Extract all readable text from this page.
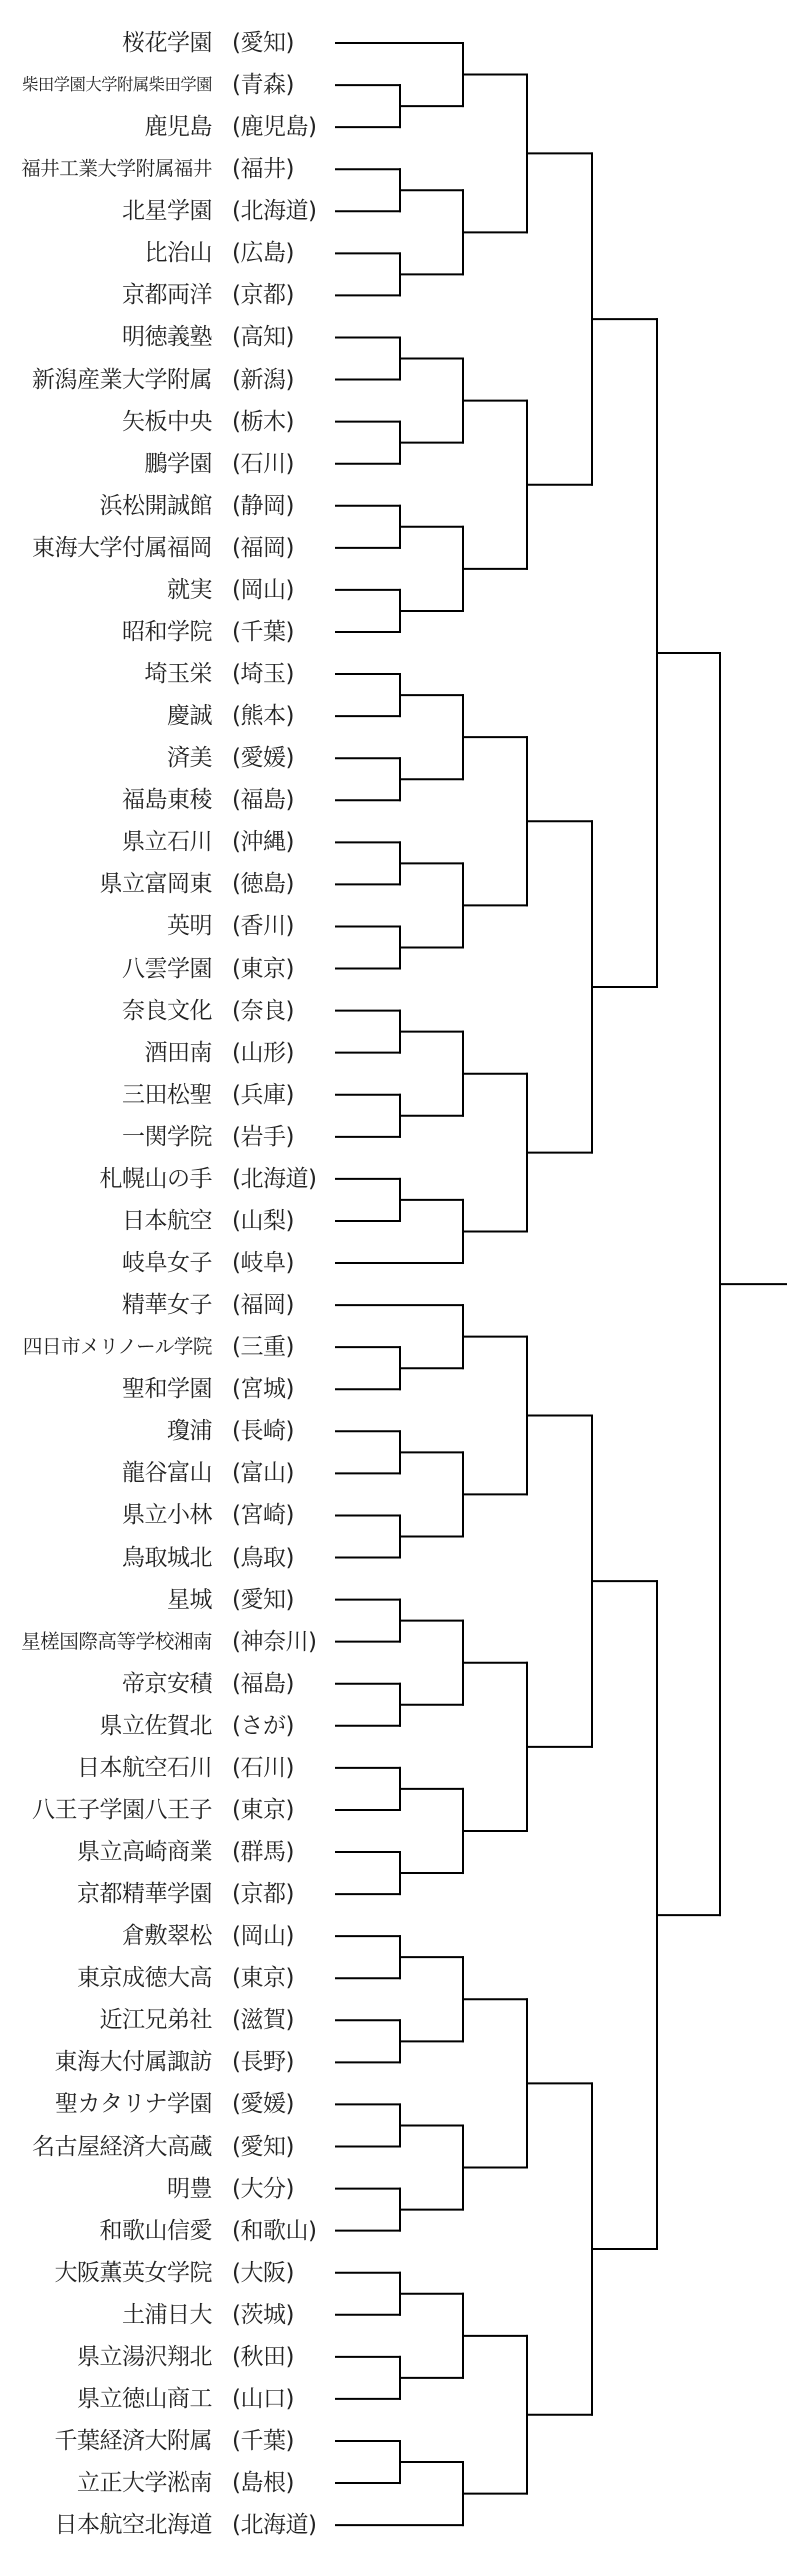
桜花学園 (愛知)
柴田学園大学附属柴田学園 (青森)
鹿児島 (鹿児島)
福井工業大学附属福井 (福井)
北星学園 (北海道)
比治山 (広島)
京都両洋 (京都)
明徳義塾 (高知)
新潟産業大学附属 (新潟)
矢板中央 (栃木)
鵬学園 (石川)
浜松開誠館 (静岡)
東海大学付属福岡 (福岡)
就実 (岡山)
昭和学院 (千葉)
埼玉栄 (埼玉)
慶誠 (熊本)
済美 (愛媛)
福島東稜 (福島)
県立石川 (沖縄)
県立富岡東 (徳島)
英明 (香川)
八雲学園 (東京)
奈良文化 (奈良)
酒田南 (山形)
三田松聖 (兵庫)
一関学院 (岩手)
札幌山の手 (北海道)
日本航空 (山梨)
岐阜女子 (岐阜)
精華女子 (福岡)
四日市メリノール学院 (三重)
聖和学園 (宮城)
瓊浦 (長崎)
龍谷富山 (富山)
県立小林 (宮崎)
鳥取城北 (鳥取)
星城 (愛知)
星槎国際高等学校湘南 (神奈川)
帝京安積 (福島)
県立佐賀北 (さが)
日本航空石川 (石川)
八王子学園八王子 (東京)
県立高崎商業 (群馬)
京都精華学園 (京都)
倉敷翠松 (岡山)
東京成徳大高 (東京)
近江兄弟社 (滋賀)
東海大付属諏訪 (長野)
聖カタリナ学園 (愛媛)
名古屋経済大高蔵 (愛知)
明豊 (大分)
和歌山信愛 (和歌山)
大阪薫英女学院 (大阪)
土浦日大 (茨城)
県立湯沢翔北 (秋田)
県立徳山商工 (山口)
千葉経済大附属 (千葉)
立正大学淞南 (島根)
日本航空北海道 (北海道)
